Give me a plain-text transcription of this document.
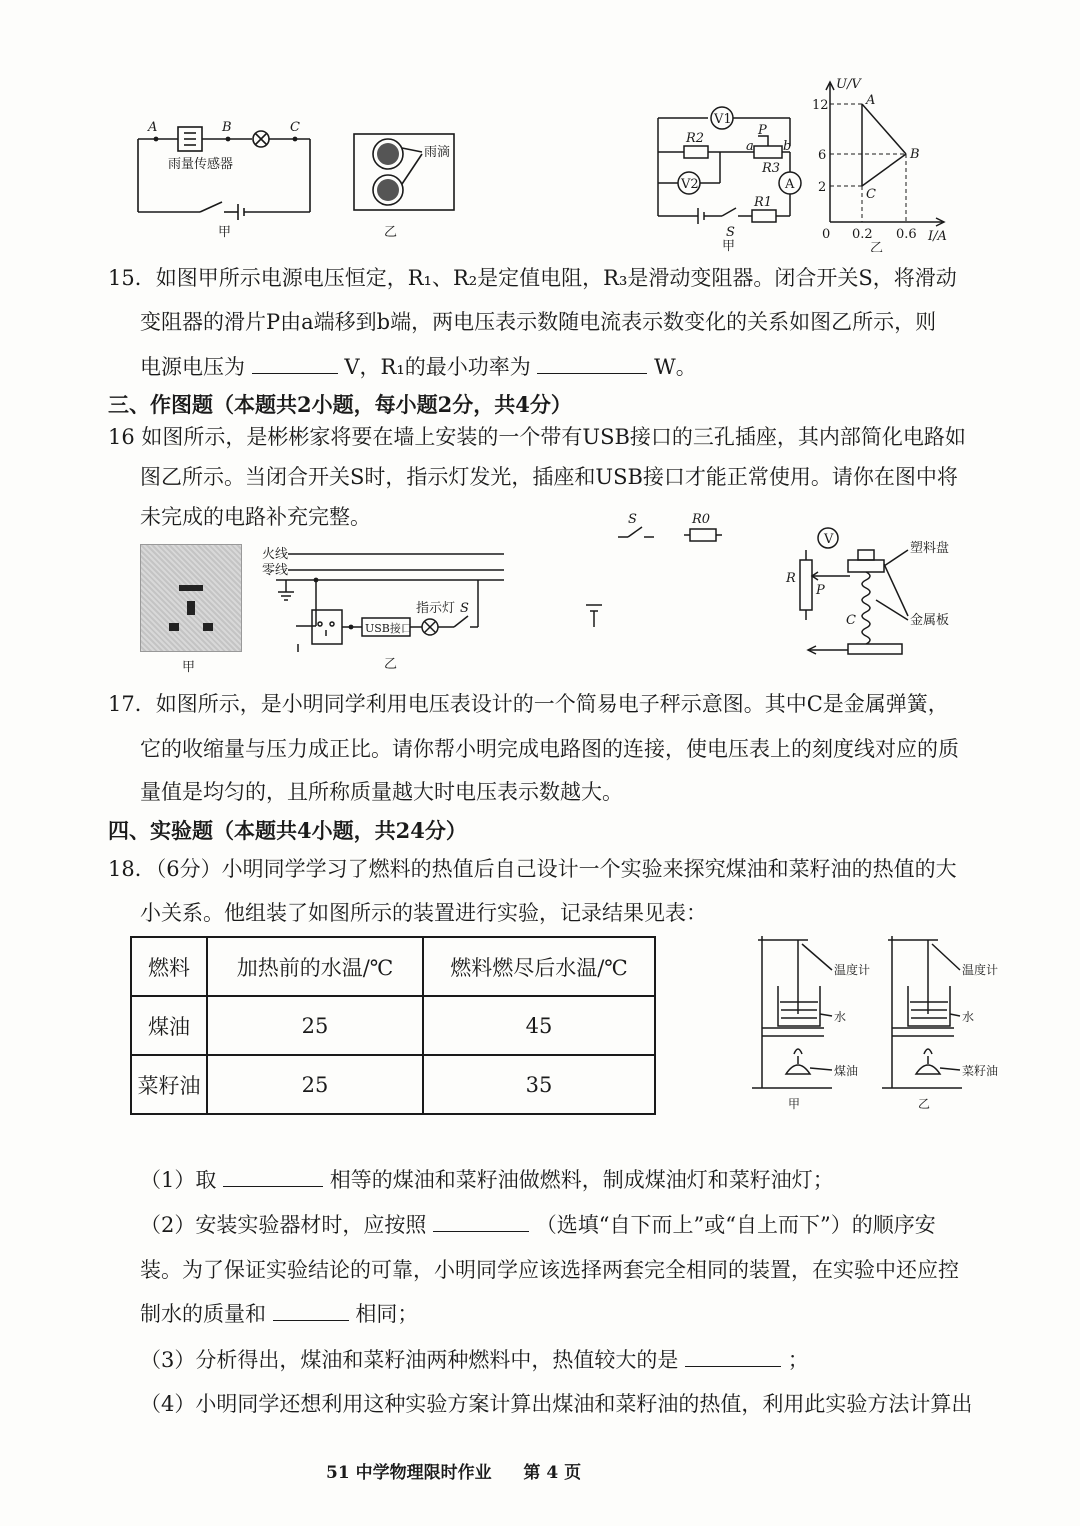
A	B	C
雨量传感器
甲
雨滴
乙
V1
V2	A
R2
R3
R1
P
a b
S
甲
U/V
I/A
12
6
2
0 0.2 0.6
A
B
C
乙
15．如图甲所示电源电压恒定，R₁、R₂是定值电阻，R₃是滑动变阻器。闭合开关S，将滑动
变阻器的滑片P由a端移到b端，两电压表示数随电流表示数变化的关系如图乙所示，则
电源电压为	V，R₁的最小功率为	W。
三、作图题（本题共2小题，每小题2分，共4分）
16 如图所示，是彬彬家将要在墙上安装的一个带有USB接口的三孔插座，其内部简化电路如
图乙所示。当闭合开关S时，指示灯发光，插座和USB接口才能正常使用。请你在图中将
未完成的电路补充完整。
甲
火线
零线
USB接口
指示灯 S
乙
S	R0
V
R
P
C
塑料盘
金属板
17．如图所示，是小明同学利用电压表设计的一个简易电子秤示意图。其中C是金属弹簧，
它的收缩量与压力成正比。请你帮小明完成电路图的连接，使电压表上的刻度线对应的质
量值是均匀的，且所称质量越大时电压表示数越大。
四、实验题（本题共4小题，共24分）
18．（6分）小明同学学习了燃料的热值后自己设计一个实验来探究煤油和菜籽油的热值的大
小关系。他组装了如图所示的装置进行实验，记录结果见表：
燃料	加热前的水温/℃	燃料燃尽后水温/℃
煤油	25	45
菜籽油	25	35
温度计
水
煤油
温度计
水
菜籽油
甲	乙
（1）取	相等的煤油和菜籽油做燃料，制成煤油灯和菜籽油灯；
（2）安装实验器材时，应按照	（选填“自下而上”或“自上而下”）的顺序安
装。为了保证实验结论的可靠，小明同学应该选择两套完全相同的装置，在实验中还应控
制水的质量和	相同；
（3）分析得出，煤油和菜籽油两种燃料中，热值较大的是	；
（4）小明同学还想利用这种实验方案计算出煤油和菜籽油的热值，利用此实验方法计算出
51 中学物理限时作业 第 4 页
